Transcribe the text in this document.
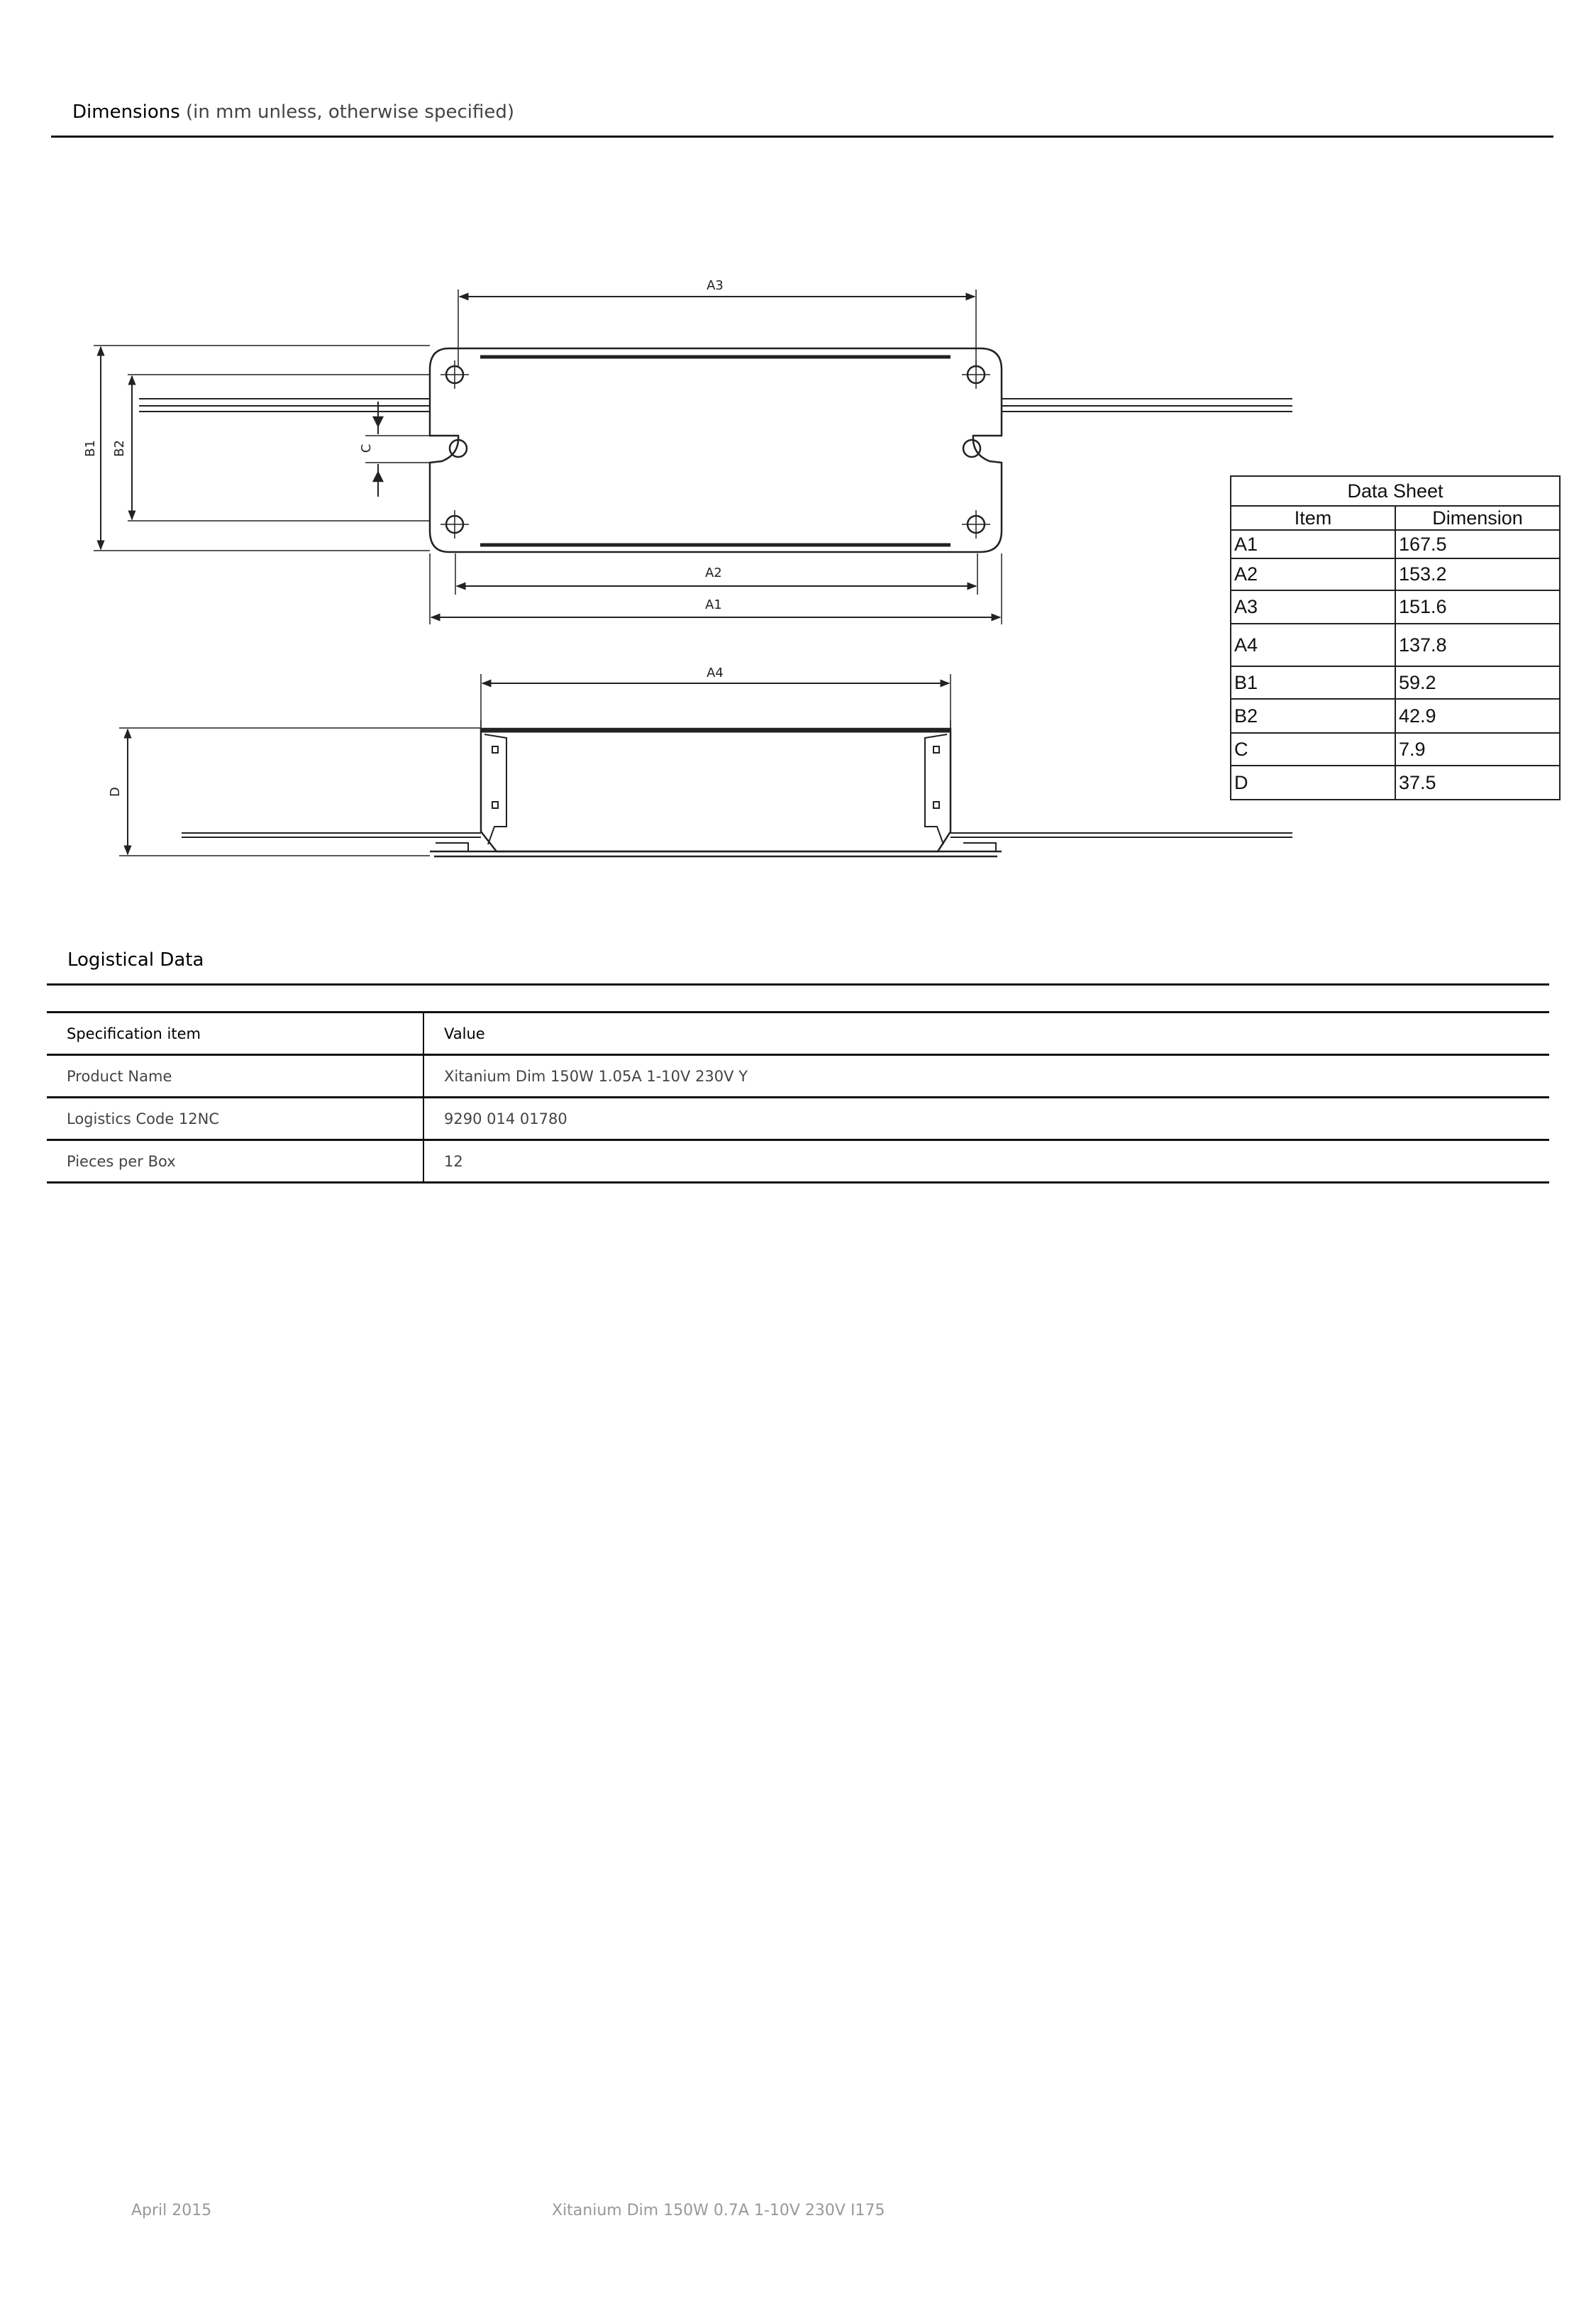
Dimensions (in mm unless, otherwise specified)
A3
A2
A1
A4
B1 B2	C
D
Data Sheet	
Item	Dimension
A1	167.5
A2	153.2
A3	151.6
A4	137.8
B1	59.2
B2	42.9
C	7.9
D	37.5
Logistical Data
Specification item	Value
Product Name	Xitanium Dim 150W 1.05A 1-10V 230V Y
Logistics Code 12NC	9290 014 01780
Pieces per Box	12
April 2015	Xitanium Dim 150W 0.7A 1-10V 230V I175
